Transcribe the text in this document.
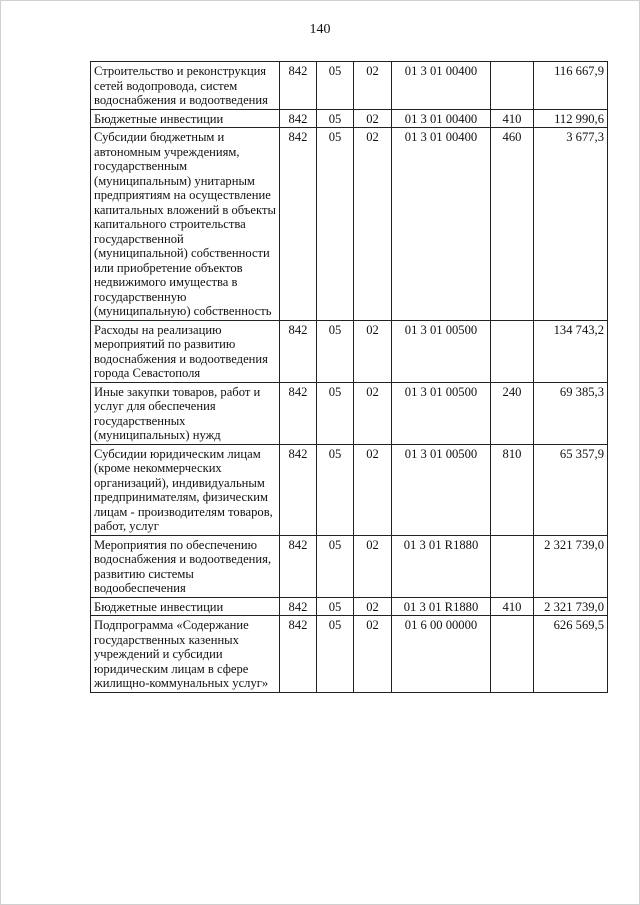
140
Строительство и реконструкция сетей водопровода, систем водоснабжения и водоотведения	842	05	02	01 3 01 00400		116 667,9
Бюджетные инвестиции	842	05	02	01 3 01 00400	410	112 990,6
Субсидии бюджетным и автономным учреждениям, государственным (муниципальным) унитарным предприятиям на осуществление капитальных вложений в объекты капитального строительства государственной (муниципальной) собственности или приобретение объектов недвижимого имущества в государственную (муниципальную) собственность	842	05	02	01 3 01 00400	460	3 677,3
Расходы на реализацию мероприятий по развитию водоснабжения и водоотведения города Севастополя	842	05	02	01 3 01 00500		134 743,2
Иные закупки товаров, работ и услуг для обеспечения государственных (муниципальных) нужд	842	05	02	01 3 01 00500	240	69 385,3
Субсидии юридическим лицам (кроме некоммерческих организаций), индивидуальным предпринимателям, физическим лицам - производителям товаров, работ, услуг	842	05	02	01 3 01 00500	810	65 357,9
Мероприятия по обеспечению водоснабжения и водоотведения, развитию системы водообеспечения	842	05	02	01 3 01 R1880		2 321 739,0
Бюджетные инвестиции	842	05	02	01 3 01 R1880	410	2 321 739,0
Подпрограмма «Содержание государственных казенных учреждений и субсидии юридическим лицам в сфере жилищно-коммунальных услуг»	842	05	02	01 6 00 00000		626 569,5
